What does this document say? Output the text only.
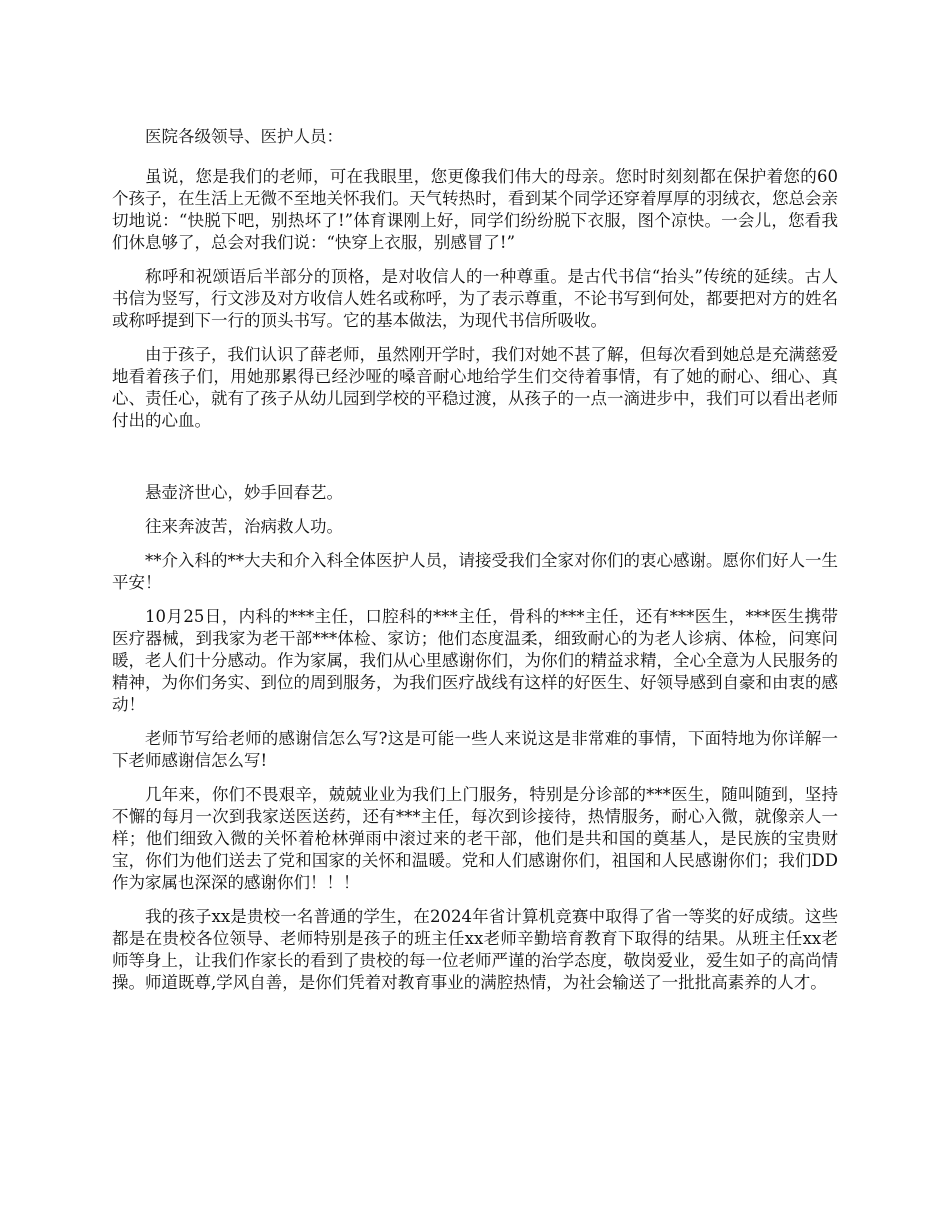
医院各级领导、医护人员：

虽说，您是我们的老师，可在我眼里，您更像我们伟大的母亲。您时时刻刻都在保护着您的60个孩子，在生活上无微不至地关怀我们。天气转热时，看到某个同学还穿着厚厚的羽绒衣，您总会亲切地说：“快脱下吧，别热坏了!”体育课刚上好，同学们纷纷脱下衣服，图个凉快。一会儿，您看我们休息够了，总会对我们说：“快穿上衣服，别感冒了!”

称呼和祝颂语后半部分的顶格，是对收信人的一种尊重。是古代书信“抬头”传统的延续。古人书信为竖写，行文涉及对方收信人姓名或称呼，为了表示尊重，不论书写到何处，都要把对方的姓名或称呼提到下一行的顶头书写。它的基本做法，为现代书信所吸收。

由于孩子，我们认识了薛老师，虽然刚开学时，我们对她不甚了解，但每次看到她总是充满慈爱地看着孩子们，用她那累得已经沙哑的嗓音耐心地给学生们交待着事情，有了她的耐心、细心、真心、责任心，就有了孩子从幼儿园到学校的平稳过渡，从孩子的一点一滴进步中，我们可以看出老师付出的心血。

悬壶济世心，妙手回春艺。

往来奔波苦，治病救人功。

**介入科的**大夫和介入科全体医护人员，请接受我们全家对你们的衷心感谢。愿你们好人一生平安！

10月25日，内科的***主任，口腔科的***主任，骨科的***主任，还有***医生，***医生携带医疗器械，到我家为老干部***体检、家访；他们态度温柔，细致耐心的为老人诊病、体检，问寒问暖，老人们十分感动。作为家属，我们从心里感谢你们，为你们的精益求精，全心全意为人民服务的精神，为你们务实、到位的周到服务，为我们医疗战线有这样的好医生、好领导感到自豪和由衷的感动！

老师节写给老师的感谢信怎么写?这是可能一些人来说这是非常难的事情，下面特地为你详解一下老师感谢信怎么写!

几年来，你们不畏艰辛，兢兢业业为我们上门服务，特别是分诊部的***医生，随叫随到，坚持不懈的每月一次到我家送医送药，还有***主任，每次到诊接待，热情服务，耐心入微，就像亲人一样；他们细致入微的关怀着枪林弹雨中滚过来的老干部，他们是共和国的奠基人，是民族的宝贵财宝，你们为他们送去了党和国家的关怀和温暖。党和人们感谢你们，祖国和人民感谢你们；我们DD作为家属也深深的感谢你们！！！

我的孩子xx是贵校一名普通的学生，在2024年省计算机竞赛中取得了省一等奖的好成绩。这些都是在贵校各位领导、老师特别是孩子的班主任xx老师辛勤培育教育下取得的结果。从班主任xx老师等身上，让我们作家长的看到了贵校的每一位老师严谨的治学态度，敬岗爱业，爱生如子的高尚情操。师道既尊,学风自善，是你们凭着对教育事业的满腔热情，为社会输送了一批批高素养的人才。
